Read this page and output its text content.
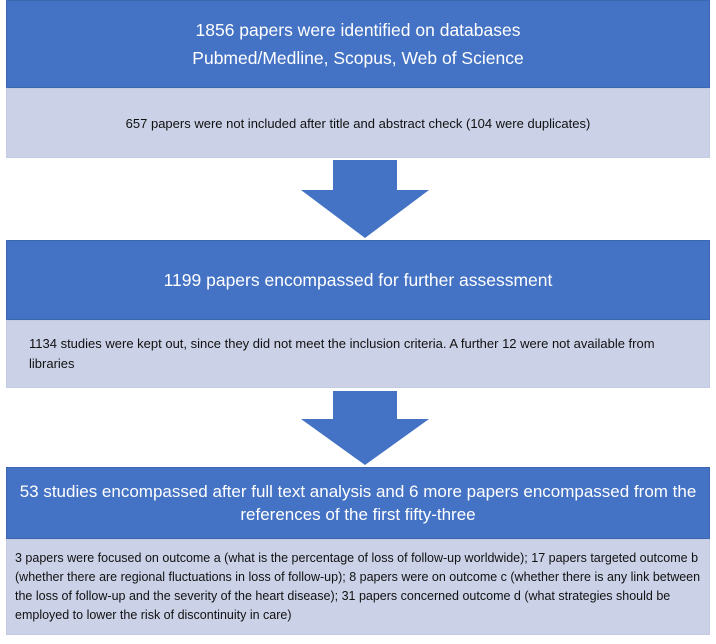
1856 papers were identified on databases
Pubmed/Medline, Scopus, Web of Science
657 papers were not included after title and abstract check (104 were duplicates)
1199 papers encompassed for further assessment
1134 studies were kept out, since they did not meet the inclusion criteria. A further 12 were not available from libraries
53 studies encompassed after full text analysis and 6 more papers encompassed from the references of the first fifty-three
3 papers were focused on outcome a (what is the percentage of loss of follow-up worldwide); 17 papers targeted outcome b (whether there are regional fluctuations in loss of follow-up); 8 papers were on outcome c (whether there is any link between the loss of follow-up and the severity of the heart disease); 31 papers concerned outcome d (what strategies should be employed to lower the risk of discontinuity in care)
